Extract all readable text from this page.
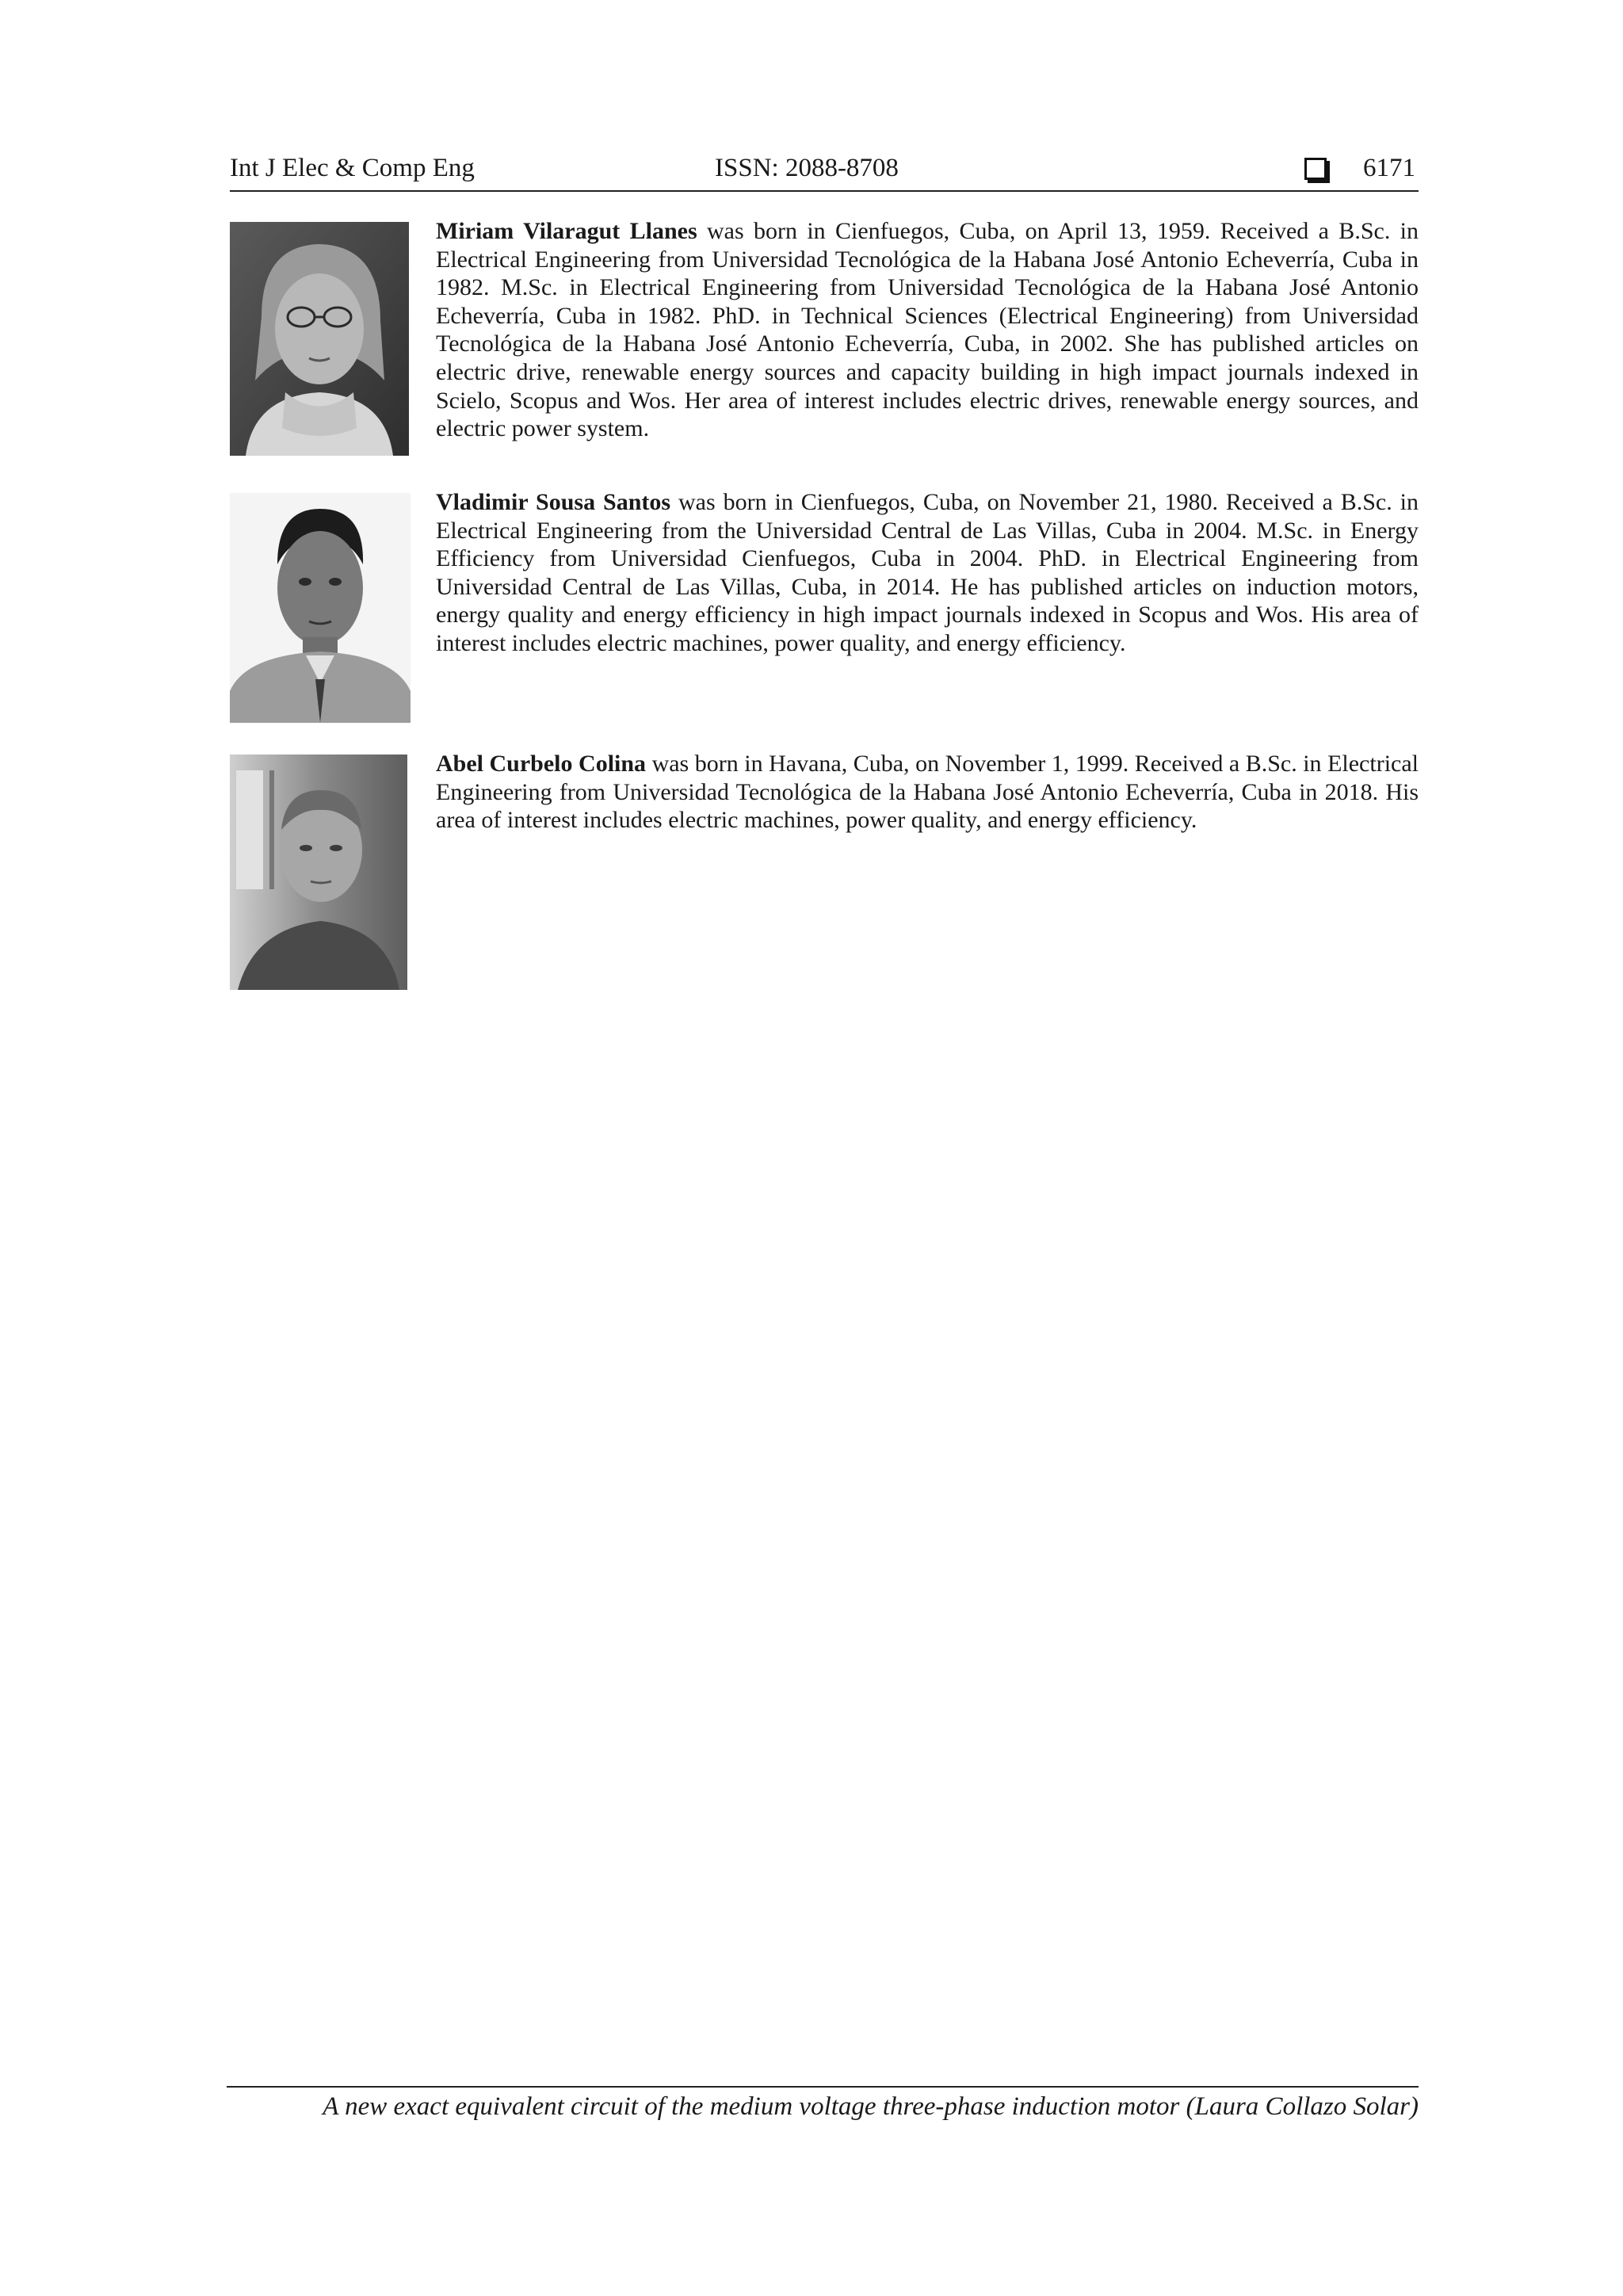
Int J Elec & Comp Eng	ISSN: 2088-8708	6171
Miriam Vilaragut Llanes was born in Cienfuegos, Cuba, on April 13, 1959. Received a B.Sc. in Electrical Engineering from Universidad Tecnológica de la Habana José Antonio Echeverría, Cuba in 1982. M.Sc. in Electrical Engineering from Universidad Tecnológica de la Habana José Antonio Echeverría, Cuba in 1982. PhD. in Technical Sciences (Electrical Engineering) from Universidad Tecnológica de la Habana José Antonio Echeverría, Cuba, in 2002. She has published articles on electric drive, renewable energy sources and capacity building in high impact journals indexed in Scielo, Scopus and Wos. Her area of interest includes electric drives, renewable energy sources, and electric power system.
Vladimir Sousa Santos was born in Cienfuegos, Cuba, on November 21, 1980. Received a B.Sc. in Electrical Engineering from the Universidad Central de Las Villas, Cuba in 2004. M.Sc. in Energy Efficiency from Universidad Cienfuegos, Cuba in 2004. PhD. in Electrical Engineering from Universidad Central de Las Villas, Cuba, in 2014. He has published articles on induction motors, energy quality and energy efficiency in high impact journals indexed in Scopus and Wos. His area of interest includes electric machines, power quality, and energy efficiency.
Abel Curbelo Colina was born in Havana, Cuba, on November 1, 1999. Received a B.Sc. in Electrical Engineering from Universidad Tecnológica de la Habana José Antonio Echeverría, Cuba in 2018. His area of interest includes electric machines, power quality, and energy efficiency.
A new exact equivalent circuit of the medium voltage three-phase induction motor (Laura Collazo Solar)
